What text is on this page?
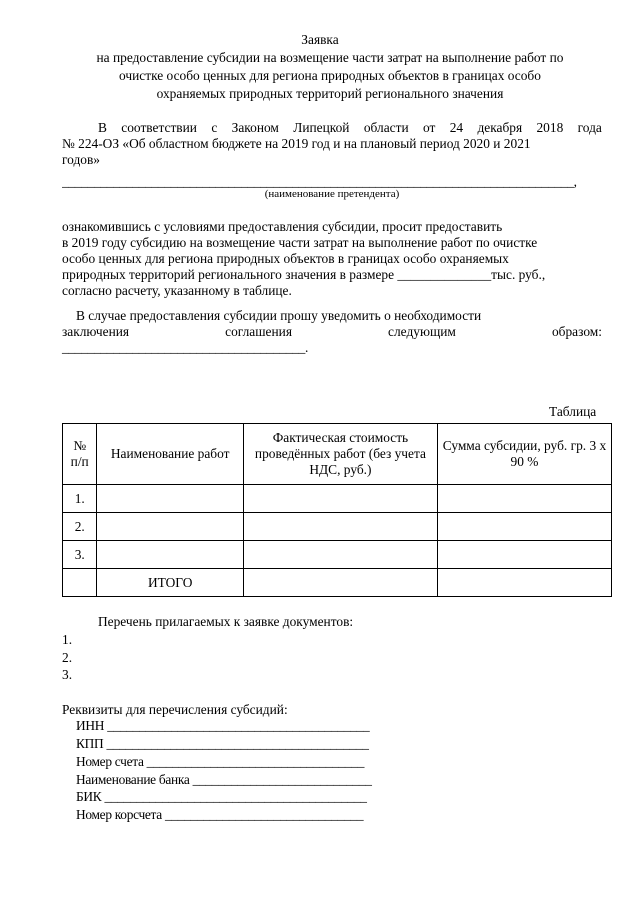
Заявка
на предоставление субсидии на возмещение части затрат на выполнение работ по
очистке особо ценных для региона природных объектов в границах особо
охраняемых природных территорий регионального значения
В соответствии с Законом Липецкой области от 24 декабря 2018 года
№ 224-ОЗ «Об областном бюджете на 2019 год и на плановый период 2020 и 2021
годов»
________________________________________________________________________________,
(наименование претендента)
ознакомившись с условиями предоставления субсидии, просит предоставить
в 2019 году субсидию на возмещение части затрат на выполнение работ по очистке
особо ценных для региона природных объектов в границах особо охраняемых
природных территорий регионального значения в размере ______________тыс. руб.,
согласно расчету, указанному в таблице.
В случае предоставления субсидии прошу уведомить о необходимости
заключения	соглашения	следующим	образом:
______________________________________.
Таблица
№ п/п	Наименование работ	Фактическая стоимость проведённых работ (без учета НДС, руб.)	Сумма субсидии, руб. гр. 3 х 90 %
1.			
2.			
3.			
	ИТОГО		
Перечень прилагаемых к заявке документов:
1.
2.
3.
Реквизиты для перечисления субсидий:
ИНН _________________________________________
КПП _________________________________________
Номер счета __________________________________
Наименование банка ____________________________
БИК _________________________________________
Номер корсчета _______________________________
